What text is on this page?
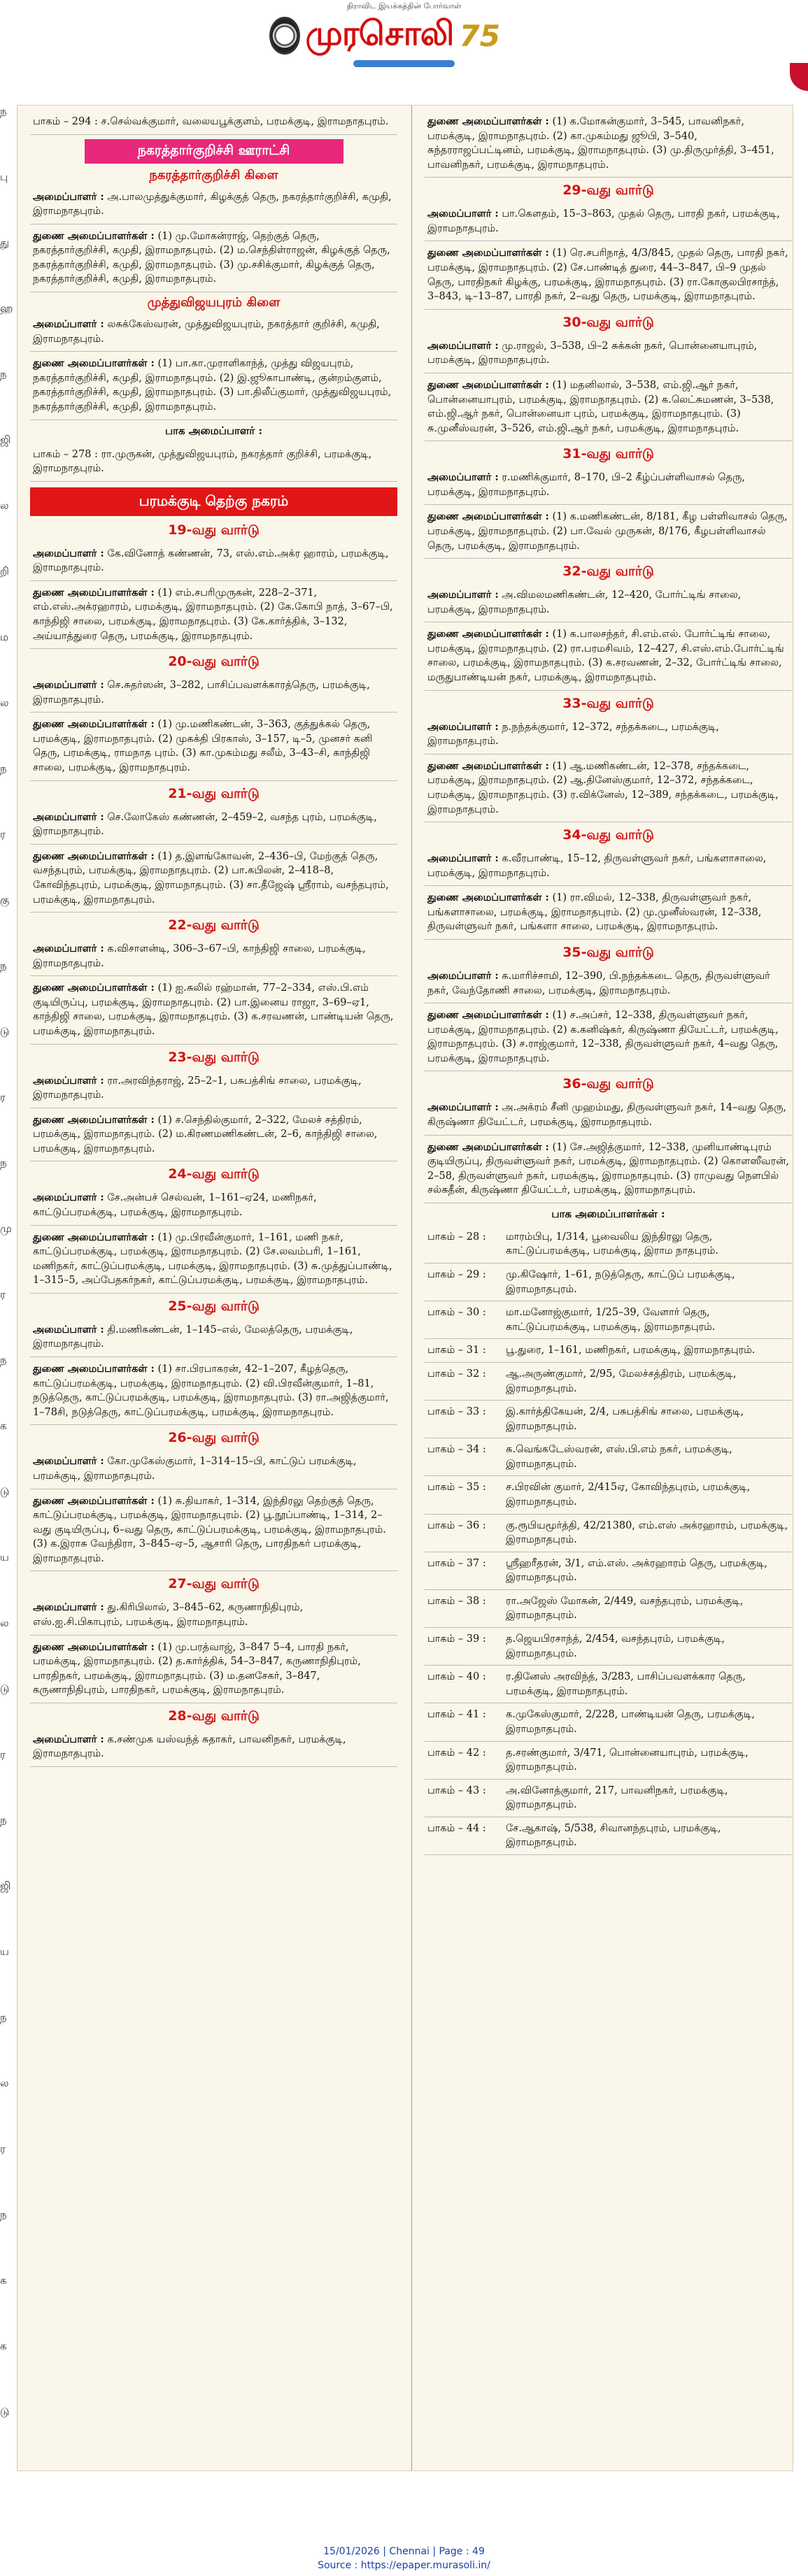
திராவிட இயக்கத்தின் போர்வாள்
முரசொலி 75
ந
பு
து
ஹ
ந
ஜி
ல
றி
ம
ல
ந
ர
கு
ந
டு
ர
ந
மு
ர
ந
க
டு
ய
ல
டு
ர
ந
ஜி
ய
ந
ல
ர
ந
க
க
டு
பாகம் – 294 : ச.செல்வக்குமார், வலையபூக்குளம், பரமக்குடி, இராமநாதபுரம்.
நகரத்தார்குறிச்சி ஊராட்சி
நகரத்தார்குறிச்சி கிளை
அமைப்பாளர் : அ.பாலமுத்துக்குமார், கிழக்குத் தெரு, நகரத்தார்குறிச்சி, கமுதி, இராமநாதபுரம்.
துணை அமைப்பாளர்கள் : (1) மு.மோகன்ராஜ், தெற்குத் தெரு, நகரத்தார்குறிச்சி, கமுதி, இராமநாதபுரம். (2) ம.செந்திள்ராஜன், கிழக்குத் தெரு, நகரத்தார்குறிச்சி, கமுதி, இராமநாதபுரம். (3) மு.சசிக்குமார், கிழக்குத் தெரு, நகரத்தார்குறிச்சி, கமுதி, இராமநாதபுரம்.
முத்துவிஜயபுரம் கிளை
அமைப்பாளர் : லசுக்கேஸ்வரன், முத்துவிஜயபுரம், நகரத்தார் குறிச்சி, கமுதி, இராமநாதபுரம்.
துணை அமைப்பாளர்கள் : (1) பா.கா.முராளிகாந்த், முத்து விஜயபுரம், நகரத்தார்குறிச்சி, கமுதி, இராமநாதபுரம். (2) இ.ஜூகாபாண்டி, குன்றம்குளம், நகரத்தார்குறிச்சி, கமுதி, இராமநாதபுரம். (3) பா.திலீப்குமார், முத்துவிஜயபுரம், நகரத்தார்குறிச்சி, கமுதி, இராமநாதபுரம்.
பாக அமைப்பாளர் :
பாகம் – 278 : ரா.முருகன், முத்துவிஜயபுரம், நகரத்தார் குறிச்சி, பரமக்குடி, இராமநாதபுரம்.
பரமக்குடி தெற்கு நகரம்
19-வது வார்டு
அமைப்பாளர் : கே.வினோத் கண்ணன், 73, எஸ்.எம்.அக்ர ஹாரம், பரமக்குடி, இராமநாதபுரம்.
துணை அமைப்பாளர்கள் : (1) எம்.சபரிமுருகன், 228–2–371, எம்.எஸ்.அக்ரஹாரம், பரமக்குடி, இராமநாதபுரம். (2) கே.கோபி நாத், 3–67–பி, காந்திஜி சாலை, பரமக்குடி, இராமநாதபுரம். (3) கே.கார்த்திக், 3–132, அய்யாத்துரை தெரு, பரமக்குடி, இராமநாதபுரம்.
20-வது வார்டு
அமைப்பாளர் : செ.சுதர்ஸன், 3–282, பாசிப்பவளக்காரத்தெரு, பரமக்குடி, இராமநாதபுரம்.
துணை அமைப்பாளர்கள் : (1) மு.மணிகண்டன், 3–363, குத்துக்கல் தெரு, பரமக்குடி, இராமநாதபுரம். (2) முகக்தி பிரகாஸ், 3–157, டி–5, முனசர் கனி தெரு, பரமக்குடி, ராமநாத புரம். (3) கா.முகம்மது சலீம், 3–43–சி, காந்திஜி சாலை, பரமக்குடி, இராமநாதபுரம்.
21-வது வார்டு
அமைப்பாளர் : செ.லோகேஸ் கண்ணன், 2–459–2, வசந்த புரம், பரமக்குடி, இராமநாதபுரம்.
துணை அமைப்பாளர்கள் : (1) த.இளங்கோவன், 2–436–பி, மேற்குத் தெரு, வசந்தபுரம், பரமக்குடி, இராமநாதபுரம். (2) பா.கபிலன், 2–418–8, கோவிந்தபுரம், பரமக்குடி, இராமநாதபுரம். (3) சா.தீஜேஷ் ஸ்ரீராம், வசந்தபுரம், பரமக்குடி, இராமநாதபுரம்.
22-வது வார்டு
அமைப்பாளர் : க.விசாளன்டி, 306–3–67–பி, காந்திஜி சாலை, பரமக்குடி, இராமநாதபுரம்.
துணை அமைப்பாளர்கள் : (1) ஐ.சுலில் ரஹ்மான், 77–2–334, எஸ்.பி.எம் குடியிருப்பு, பரமக்குடி, இராமநாதபுரம். (2) பா.இனைய ராஜா, 3–69–ஏ1, காந்திஜி சாலை, பரமக்குடி, இராமநாதபுரம். (3) க.சரவணன், பாண்டியன் தெரு, பரமக்குடி, இராமநாதபுரம்.
23-வது வார்டு
அமைப்பாளர் : ரா.அரவிந்தராஜ், 25–2–1, பசுபத்சிங் சாலை, பரமக்குடி, இராமநாதபுரம்.
துணை அமைப்பாளர்கள் : (1) ச.செந்தில்குமார், 2–322, மேலச் சத்திரம், பரமக்குடி, இராமநாதபுரம். (2) ம.கிரணமணிகண்டன், 2–6, காந்திஜி சாலை, பரமக்குடி, இராமநாதபுரம்.
24-வது வார்டு
அமைப்பாளர் : சே.அன்பச் செல்வன், 1–161–ஏ24, மணிநகர், காட்டுப்பரமக்குடி, பரமக்குடி, இராமநாதபுரம்.
துணை அமைப்பாளர்கள் : (1) மு.பிரவீன்குமார், 1–161, மணி நகர், காட்டுப்பரமக்குடி, பரமக்குடி, இராமநாதபுரம். (2) சே.லவம்பரி, 1–161, மணிநகர், காட்டுப்பரமக்குடி, பரமக்குடி, இராமநாதபுரம். (3) சு.முத்துப்பாண்டி, 1–315–5, அப்பேதகர்நகர், காட்டுப்பரமக்குடி, பரமக்குடி, இராமநாதபுரம்.
25-வது வார்டு
அமைப்பாளர் : தி.மணிகண்டன், 1–145–எல், மேலத்தெரு, பரமக்குடி, இராமநாதபுரம்.
துணை அமைப்பாளர்கள் : (1) சா.பிரபாகரன், 42–1–207, கீழத்தெரு, காட்டுப்பரமக்குடி, பரமக்குடி, இராமநாதபுரம். (2) வி.பிரவீன்குமார், 1–81, நடுத்தெரு, காட்டுப்பரமக்குடி, பரமக்குடி, இராமநாதபுரம். (3) ரா.அஜித்குமார், 1–78சி, நடுத்தெரு, காட்டுப்பரமக்குடி, பரமக்குடி, இராமநாதபுரம்.
26-வது வார்டு
அமைப்பாளர் : கோ.முகேஸ்குமார், 1–314–15–பி, காட்டுப் பரமக்குடி, பரமக்குடி, இராமநாதபுரம்.
துணை அமைப்பாளர்கள் : (1) சு.தியாகர், 1–314, இந்திரலு தெற்குத் தெரு, காட்டுப்பரமக்குடி, பரமக்குடி, இராமநாதபுரம். (2) பூ.நூப்பாண்டி, 1–314, 2–வது குடியிருப்பு, 6–வது தெரு, காட்டுப்பரமக்குடி, பரமக்குடி, இராமநாதபுரம். (3) க.இராசு வேந்திரா, 3–845–ஏ–5, ஆசாரி தெரு, பாரதிநகர் பரமக்குடி, இராமநாதபுரம்.
27-வது வார்டு
அமைப்பாளர் : து.கிரிபிலால், 3–845–62, கருணாநிதிபுரம், எஸ்.ஐ.சி.பிகாபுரம், பரமக்குடி, இராமநாதபுரம்.
துணை அமைப்பாளர்கள் : (1) மு.பரத்வாஜ், 3–847 5–4, பாரதி நகர், பரமக்குடி, இராமநாதபுரம். (2) த.கார்த்திக், 54–3–847, கருணாநிதிபுரம், பாரதிநகர், பரமக்குடி, இராமநாதபுரம். (3) ம.தனசேகர், 3–847, கருணாநிதிபுரம், பாரதிநகர், பரமக்குடி, இராமநாதபுரம்.
28-வது வார்டு
அமைப்பாளர் : க.சண்முக யஸ்வந்த் சுதாகர், பாவனிநகர், பரமக்குடி, இராமநாதபுரம்.
துணை அமைப்பாளர்கள் : (1) க.மோகன்குமார், 3–545, பாவனிநகர், பரமக்குடி, இராமநாதபுரம். (2) கா.முகம்மது ஜூபி, 3–540, சுந்தரராஜப்பட்டினம், பரமக்குடி, இராமநாதபுரம். (3) மு.திருமுர்த்தி, 3–451, பாவனிநகர், பரமக்குடி, இராமநாதபுரம்.
29-வது வார்டு
அமைப்பாளர் : பா.கௌதம், 15–3–863, முதல் தெரு, பாரதி நகர், பரமக்குடி, இராமநாதபுரம்.
துணை அமைப்பாளர்கள் : (1) ரெ.சபரிநாத், 4/3/845, முதல் தெரு, பாரதி நகர், பரமக்குடி, இராமநாதபுரம். (2) சே.பாண்டித் துரை, 44–3–847, பி–9 முதல் தெரு, பாரதிநகர் கிழக்கு, பரமக்குடி, இராமநாதபுரம். (3) ரா.கோகுலபிரசாந்த், 3–843, டி–13–87, பாரதி நகர், 2–வது தெரு, பரமக்குடி, இராமநாதபுரம்.
30-வது வார்டு
அமைப்பாளர் : மு.ராஜல், 3–538, பி–2 சுக்கன் நகர், பொன்னையாபுரம், பரமக்குடி, இராமநாதபுரம்.
துணை அமைப்பாளர்கள் : (1) மதனிலால், 3–538, எம்.ஜி.ஆர் நகர், பொன்னையாபுரம், பரமக்குடி, இராமநாதபுரம். (2) க.லெட்சுமணன், 3–538, எம்.ஜி.ஆர் நகர், பொன்னையா புரம், பரமக்குடி, இராமநாதபுரம். (3) சு.முனீஸ்வரன், 3–526, எம்.ஜி.ஆர் நகர், பரமக்குடி, இராமநாதபுரம்.
31-வது வார்டு
அமைப்பாளர் : ர.மணிக்குமார், 8–170, பி–2 கீழ்ப்பள்ளிவாசல் தெரு, பரமக்குடி, இராமநாதபுரம்.
துணை அமைப்பாளர்கள் : (1) க.மணிகண்டன், 8/181, கீழ பள்ளிவாசல் தெரு, பரமக்குடி, இராமநாதபுரம். (2) பா.வேல் முருகன், 8/176, கீழபள்ளிவாசல் தெரு, பரமக்குடி, இராமநாதபுரம்.
32-வது வார்டு
அமைப்பாளர் : அ.விமலமணிகண்டன், 12–420, போர்ட்டிங் சாலை, பரமக்குடி, இராமநாதபுரம்.
துணை அமைப்பாளர்கள் : (1) க.பாலசந்தர், சி.எம்.எல். போர்ட்டிங் சாலை, பரமக்குடி, இராமநாதபுரம். (2) ரா.பரமசிவம், 12–427, சி.எஸ்.எம்.போர்ட்டிங் சாலை, பரமக்குடி, இராமநாதபுரம். (3) க.சரவணன், 2–32, போர்ட்டிங் சாலை, மருதுபாண்டியன் நகர், பரமக்குடி, இராமநாதபுரம்.
33-வது வார்டு
அமைப்பாளர் : ந.நந்தக்குமார், 12–372, சந்தக்கடை, பரமக்குடி, இராமநாதபுரம்.
துணை அமைப்பாளர்கள் : (1) ஆ.மணிகண்டன், 12–378, சந்தக்கடை, பரமக்குடி, இராமநாதபுரம். (2) ஆ.தினேஸ்குமார், 12–372, சந்தக்கடை, பரமக்குடி, இராமநாதபுரம். (3) ர.விக்னேஸ், 12–389, சந்தக்கடை, பரமக்குடி, இராமநாதபுரம்.
34-வது வார்டு
அமைப்பாளர் : க.வீரபாண்டி, 15–12, திருவள்ளுவர் நகர், பங்களாசாலை, பரமக்குடி, இராமநாதபுரம்.
துணை அமைப்பாளர்கள் : (1) ரா.விமல், 12–338, திருவள்ளுவர் நகர், பங்களாசாலை, பரமக்குடி, இராமநாதபுரம். (2) மு.முனீஸ்வரன், 12–338, திருவள்ளுவர் நகர், பங்களா சாலை, பரமக்குடி, இராமநாதபுரம்.
35-வது வார்டு
அமைப்பாளர் : க.மாரிச்சாமி, 12–390, பி.நந்தக்கடை தெரு, திருவள்ளுவர் நகர், வேந்தோணி சாலை, பரமக்குடி, இராமநாதபுரம்.
துணை அமைப்பாளர்கள் : (1) ச.அப்சர், 12–338, திருவள்ளுவர் நகர், பரமக்குடி, இராமநாதபுரம். (2) க.கனிஷ்கர், கிருஷ்ணா தியேட்டர், பரமக்குடி, இராமநாதபுரம். (3) ச.ராஜ்குமார், 12–338, திருவள்ளுவர் நகர், 4–வது தெரு, பரமக்குடி, இராமநாதபுரம்.
36-வது வார்டு
அமைப்பாளர் : அ.அக்ரம் சீனி முஹம்மது, திருவள்ளுவர் நகர், 14–வது தெரு, கிருஷ்ணா தியேட்டர், பரமக்குடி, இராமநாதபுரம்.
துணை அமைப்பாளர்கள் : (1) சே.அஜித்குமார், 12–338, முனியாண்டிபுரம் குடியிருப்பு, திருவள்ளுவர் நகர், பரமக்குடி, இராமநாதபுரம். (2) கொளஸீவரன், 2–58, திருவள்ளுவர் நகர், பரமக்குடி, இராமநாதபுரம். (3) ராமுவது நெளபில் சல்சுதீன், கிருஷ்ணா தியேட்டர், பரமக்குடி, இராமநாதபுரம்.
பாக அமைப்பாளர்கள் :
பாகம் – 28 :	மாரம்பிபு, 1/314, பூவைலிய இந்திரலு தெரு, காட்டுப்பரமக்குடி, பரமக்குடி, இராம நாதபுரம்.
பாகம் – 29 :	மு.கிஷோர், 1–61, நடுத்தெரு, காட்டுப் பரமக்குடி, இராமநாதபுரம்.
பாகம் – 30 :	மா.மனோஜ்குமார், 1/25–39, வேளார் தெரு, காட்டுப்பரமக்குடி, பரமக்குடி, இராமநாதபுரம்.
பாகம் – 31 :	பூ.துரை, 1–161, மணிநகர், பரமக்குடி, இராமநாதபுரம்.
பாகம் – 32 :	ஆ.அருண்குமார், 2/95, மேலச்சத்திரம், பரமக்குடி, இராமநாதபுரம்.
பாகம் – 33 :	இ.கார்த்திகேயன், 2/4, பசுபத்சிங் சாலை, பரமக்குடி, இராமநாதபுரம்.
பாகம் – 34 :	சு.வெங்கடேஸ்வரன், எஸ்.பி.எம் நகர், பரமக்குடி, இராமநாதபுரம்.
பாகம் – 35 :	ச.பிரவின் குமார், 2/415ஏ, கோவிந்தபுரம், பரமக்குடி, இராமநாதபுரம்.
பாகம் – 36 :	கு.ரூபியமூர்த்தி, 42/21380, எம்.எஸ் அக்ரஹாரம், பரமக்குடி, இராமநாதபுரம்.
பாகம் – 37 :	ஸ்ரீஹரீதரன், 3/1, எம்.எஸ். அக்ரஹாரம் தெரு, பரமக்குடி, இராமநாதபுரம்.
பாகம் – 38 :	ரா.அஜேஸ் மோகன், 2/449, வசந்தபுரம், பரமக்குடி, இராமநாதபுரம்.
பாகம் – 39 :	த.ஜெயபிரசாந்த், 2/454, வசந்தபுரம், பரமக்குடி, இராமநாதபுரம்.
பாகம் – 40 :	ர.தினேஸ் அரவிந்த், 3/283, பாசிப்பவளக்கார தெரு, பரமக்குடி, இராமநாதபுரம்.
பாகம் – 41 :	க.முகேஸ்குமார், 2/228, பாண்டியன் தெரு, பரமக்குடி, இராமநாதபுரம்.
பாகம் – 42 :	த.சரண்குமார், 3/471, பொன்னையாபுரம், பரமக்குடி, இராமநாதபுரம்.
பாகம் – 43 :	அ.வினோத்குமார், 217, பாவனிநகர், பரமக்குடி, இராமநாதபுரம்.
பாகம் – 44 :	சே.ஆகாஷ், 5/538, சிவானந்தபுரம், பரமக்குடி, இராமநாதபுரம்.
15/01/2026 | Chennai | Page : 49
Source : https://epaper.murasoli.in/
